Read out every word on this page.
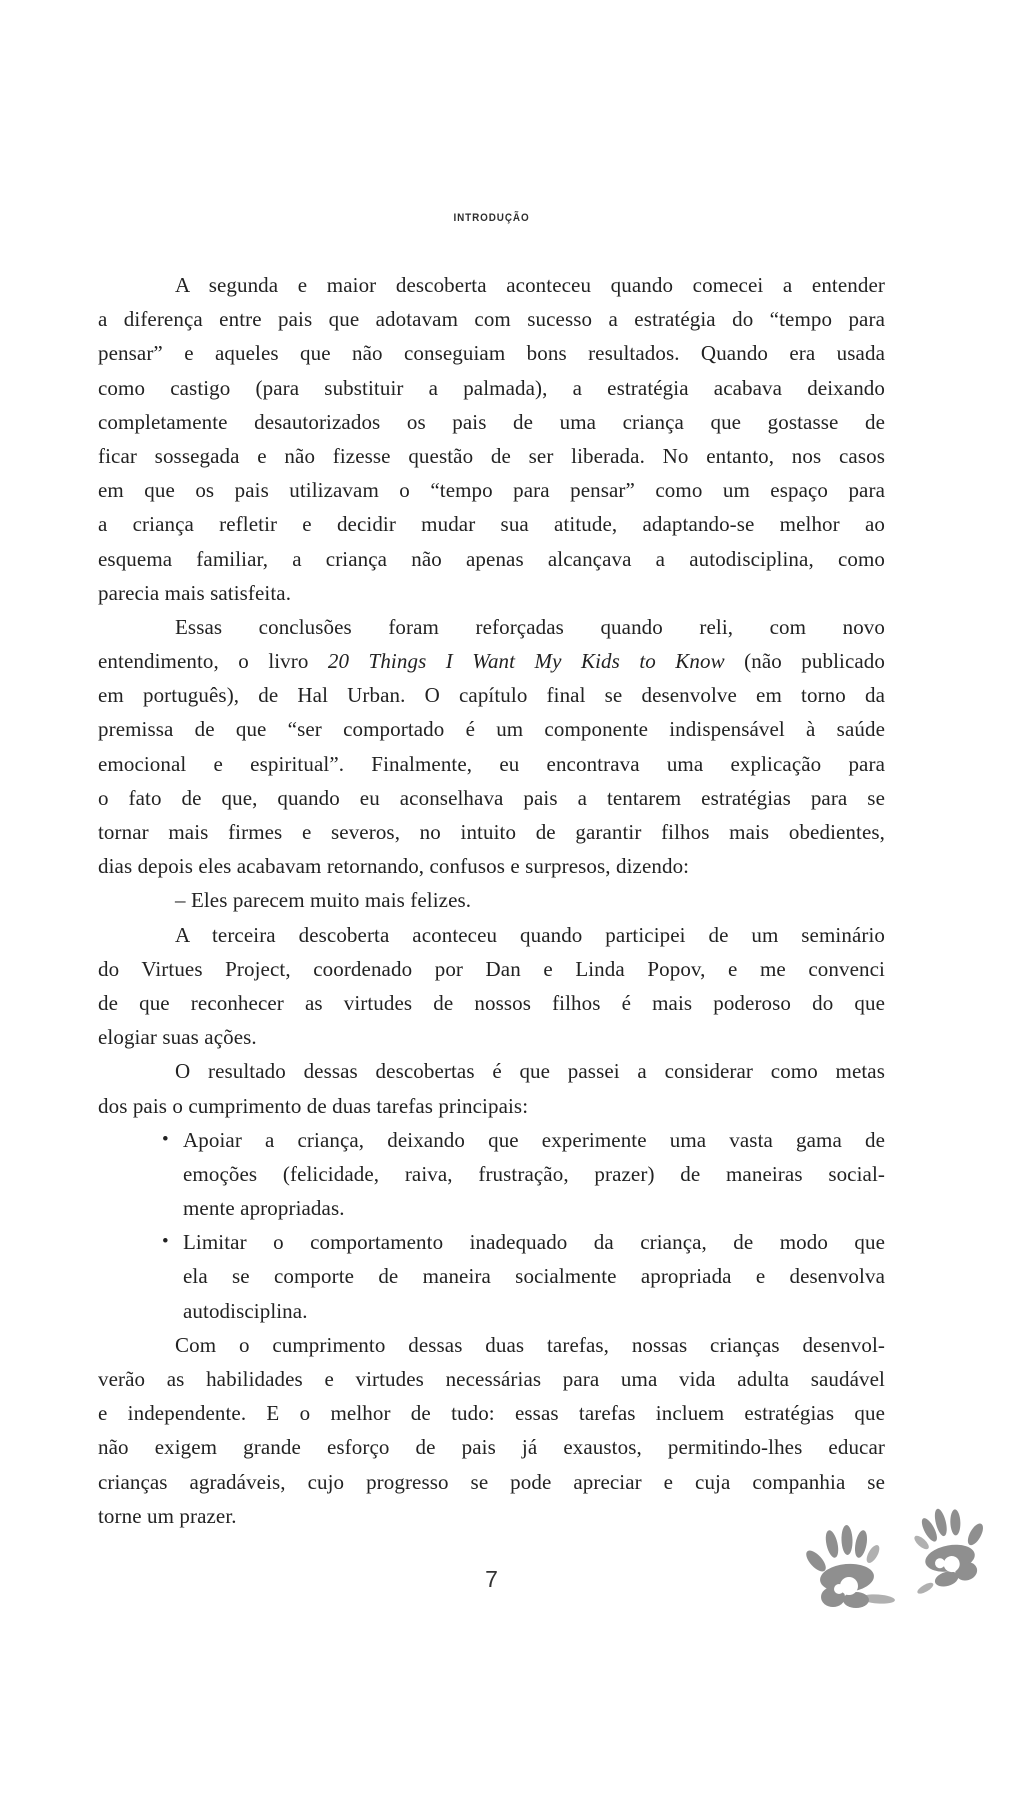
INTRODUÇÃO
A segunda e maior descoberta aconteceu quando comecei a entender
a diferença entre pais que adotavam com sucesso a estratégia do “tempo para
pensar” e aqueles que não conseguiam bons resultados. Quando era usada
como castigo (para substituir a palmada), a estratégia acabava deixando
completamente desautorizados os pais de uma criança que gostasse de
ficar sossegada e não fizesse questão de ser liberada. No entanto, nos casos
em que os pais utilizavam o “tempo para pensar” como um espaço para
a criança refletir e decidir mudar sua atitude, adaptando-se melhor ao
esquema familiar, a criança não apenas alcançava a autodisciplina, como
parecia mais satisfeita.
Essas conclusões foram reforçadas quando reli, com novo
entendimento, o livro 20 Things I Want My Kids to Know (não publicado
em português), de Hal Urban. O capítulo final se desenvolve em torno da
premissa de que “ser comportado é um componente indispensável à saúde
emocional e espiritual”. Finalmente, eu encontrava uma explicação para
o fato de que, quando eu aconselhava pais a tentarem estratégias para se
tornar mais firmes e severos, no intuito de garantir filhos mais obedientes,
dias depois eles acabavam retornando, confusos e surpresos, dizendo:
– Eles parecem muito mais felizes.
A terceira descoberta aconteceu quando participei de um seminário
do Virtues Project, coordenado por Dan e Linda Popov, e me convenci
de que reconhecer as virtudes de nossos filhos é mais poderoso do que
elogiar suas ações.
O resultado dessas descobertas é que passei a considerar como metas
dos pais o cumprimento de duas tarefas principais:
• Apoiar a criança, deixando que experimente uma vasta gama de
emoções (felicidade, raiva, frustração, prazer) de maneiras social-
mente apropriadas.
• Limitar o comportamento inadequado da criança, de modo que
ela se comporte de maneira socialmente apropriada e desenvolva
autodisciplina.
Com o cumprimento dessas duas tarefas, nossas crianças desenvol-
verão as habilidades e virtudes necessárias para uma vida adulta saudável
e independente. E o melhor de tudo: essas tarefas incluem estratégias que
não exigem grande esforço de pais já exaustos, permitindo-lhes educar
crianças agradáveis, cujo progresso se pode apreciar e cuja companhia se
torne um prazer.
7
